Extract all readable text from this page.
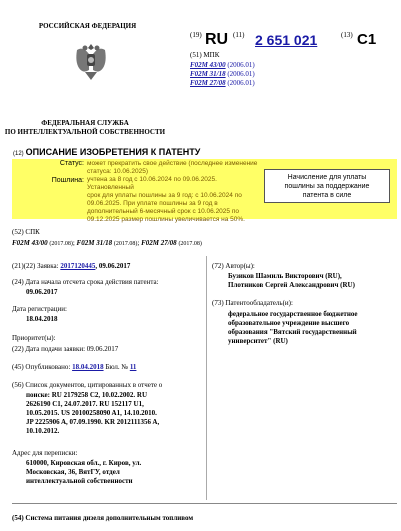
РОССИЙСКАЯ ФЕДЕРАЦИЯ
ФЕДЕРАЛЬНАЯ СЛУЖБА
ПО ИНТЕЛЛЕКТУАЛЬНОЙ СОБСТВЕННОСТИ
(19) RU (11) 2 651 021	(13) C1
(51) МПК
F02M 43/00 (2006.01)
F02M 31/18 (2006.01)
F02M 27/08 (2006.01)
(12) ОПИСАНИЕ ИЗОБРЕТЕНИЯ К ПАТЕНТУ
Статус: может прекратить свое действие (последнее изменение статуса: 10.06.2025)
Пошлина: учтена за 8 год с 10.06.2024 по 09.06.2025. Установленный
срок для уплаты пошлины за 9 год: с 10.06.2024 по
09.06.2025. При уплате пошлины за 9 год в
дополнительный 6-месячный срок с 10.06.2025 по
09.12.2025 размер пошлины увеличивается на 50%.
Начисление для уплаты
пошлины за поддержание
патента в силе
(52) СПК
F02M 43/00 (2017.08); F02M 31/18 (2017.08); F02M 27/08 (2017.08)
(21)(22) Заявка: 2017120445, 09.06.2017
(24) Дата начала отсчета срока действия патента:
09.06.2017
Дата регистрации:
18.04.2018
Приоритет(ы):
(22) Дата подачи заявки: 09.06.2017
(45) Опубликовано: 18.04.2018 Бюл. № 11
(56) Список документов, цитированных в отчете о
поиске: RU 2179258 C2, 10.02.2002. RU
2626190 C1, 24.07.2017. RU 152117 U1,
10.05.2015. US 20100258090 A1, 14.10.2010.
JP 2225906 A, 07.09.1990. KR 2012111356 A,
10.10.2012.
Адрес для переписки:
610000, Кировская обл., г. Киров, ул.
Московская, 36, ВятГУ, отдел
интеллектуальной собственности
(72) Автор(ы):
Бузиков Шамиль Викторович (RU),
Плотников Сергей Александрович (RU)
(73) Патентообладатель(и):
федеральное государственное бюджетное
образовательное учреждение высшего
образования "Вятский государственный
университет" (RU)
(54) Система питания дизеля дополнительным топливом
